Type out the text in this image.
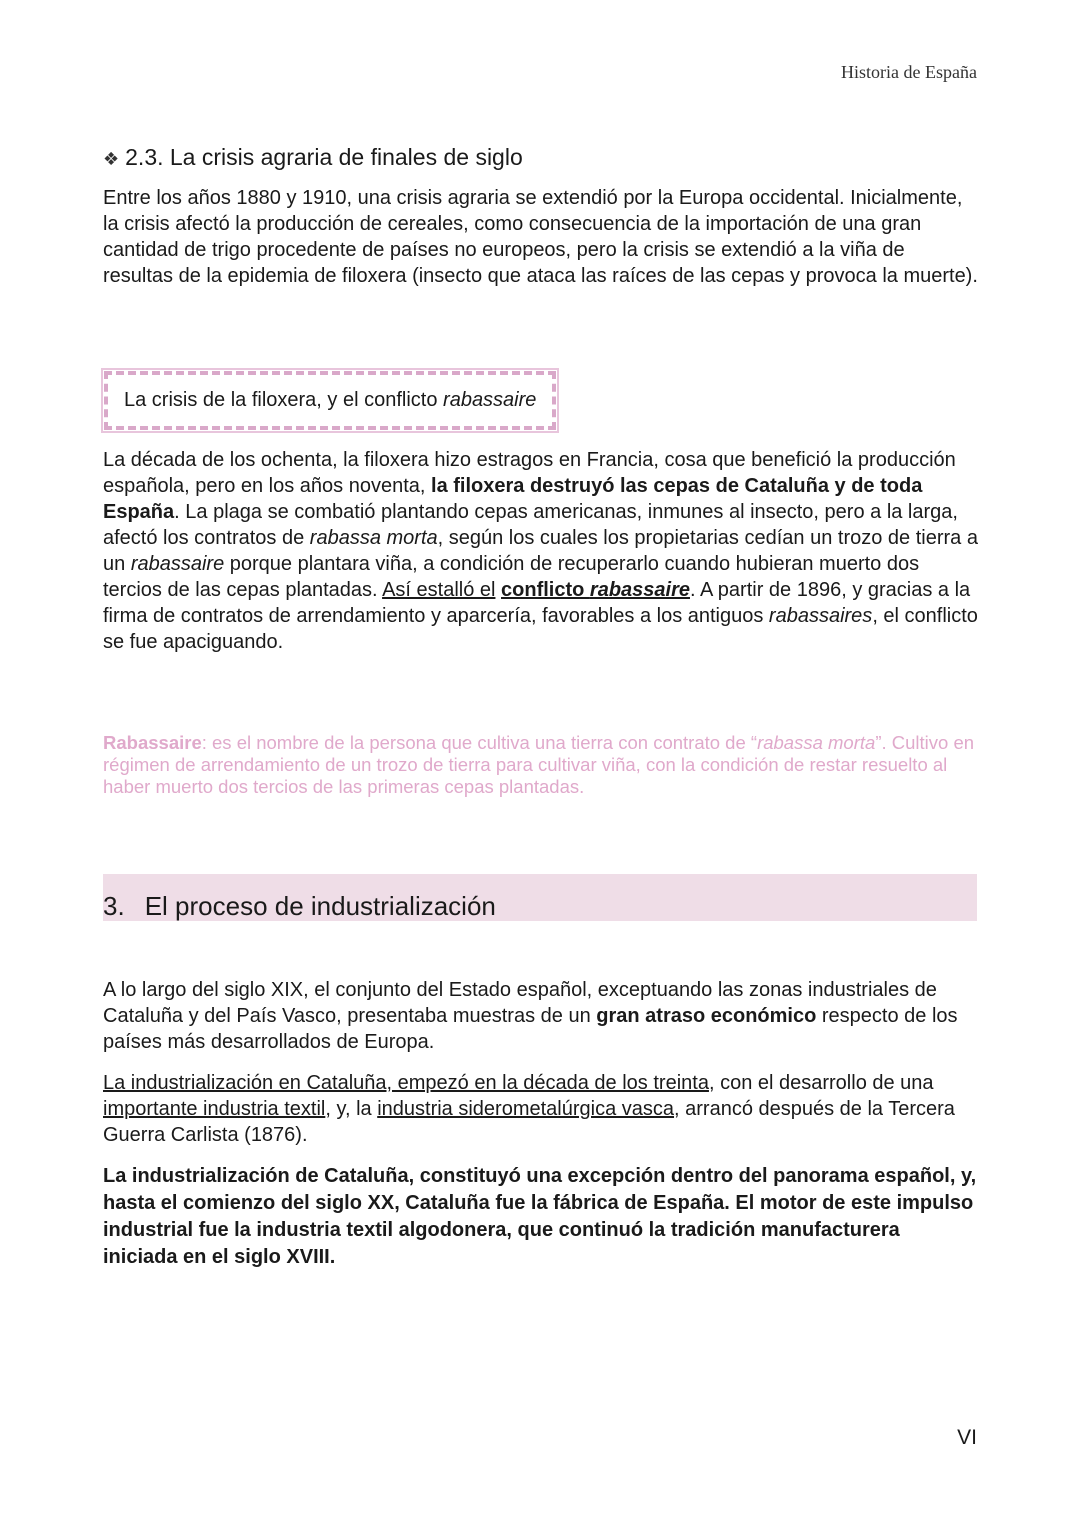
Historia de España
❖ 2.3. La crisis agraria de finales de siglo

Entre los años 1880 y 1910, una crisis agraria se extendió por la Europa occidental. Inicialmente, la crisis afectó la producción de cereales, como consecuencia de la importación de una gran cantidad de trigo procedente de países no europeos, pero la crisis se extendió a la viña de resultas de la epidemia de filoxera (insecto que ataca las raíces de las cepas y provoca la muerte).

La crisis de la filoxera, y el conflicto rabassaire

La década de los ochenta, la filoxera hizo estragos en Francia, cosa que benefició la producción española, pero en los años noventa, la filoxera destruyó las cepas de Cataluña y de toda España. La plaga se combatió plantando cepas americanas, inmunes al insecto, pero a la larga, afectó los contratos de rabassa morta, según los cuales los propietarias cedían un trozo de tierra a un rabassaire porque plantara viña, a condición de recuperarlo cuando hubieran muerto dos tercios de las cepas plantadas. Así estalló el conflicto rabassaire. A partir de 1896, y gracias a la firma de contratos de arrendamiento y aparcería, favorables a los antiguos rabassaires, el conflicto se fue apaciguando.

Rabassaire: es el nombre de la persona que cultiva una tierra con contrato de “rabassa morta”. Cultivo en régimen de arrendamiento de un trozo de tierra para cultivar viña, con la condición de restar resuelto al haber muerto dos tercios de las primeras cepas plantadas.

3. El proceso de industrialización

A lo largo del siglo XIX, el conjunto del Estado español, exceptuando las zonas industriales de Cataluña y del País Vasco, presentaba muestras de un gran atraso económico respecto de los países más desarrollados de Europa.

La industrialización en Cataluña, empezó en la década de los treinta, con el desarrollo de una importante industria textil, y, la industria siderometalúrgica vasca, arrancó después de la Tercera Guerra Carlista (1876).

La industrialización de Cataluña, constituyó una excepción dentro del panorama español, y, hasta el comienzo del siglo XX, Cataluña fue la fábrica de España. El motor de este impulso industrial fue la industria textil algodonera, que continuó la tradición manufacturera iniciada en el siglo XVIII.

VI
